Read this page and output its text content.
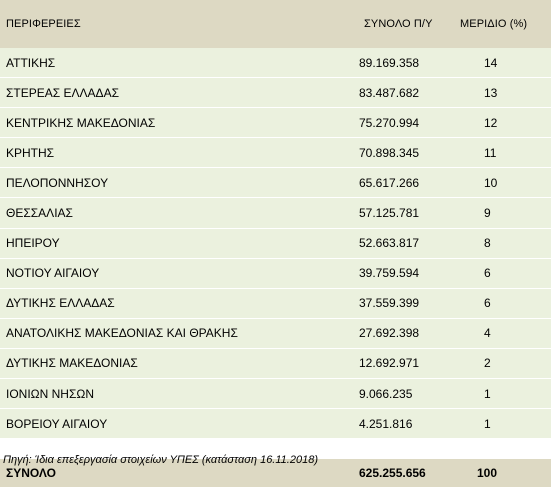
ΠΕΡΙΦΕΡΕΙΕΣ	ΣΥΝΟΛΟ Π/Υ	ΜΕΡΙΔΙΟ (%)
ΑΤΤΙΚΗΣ	89.169.358	14
ΣΤΕΡΕΑΣ ΕΛΛΑΔΑΣ	83.487.682	13
ΚΕΝΤΡΙΚΗΣ ΜΑΚΕΔΟΝΙΑΣ	75.270.994	12
ΚΡΗΤΗΣ	70.898.345	11
ΠΕΛΟΠΟΝΝΗΣΟΥ	65.617.266	10
ΘΕΣΣΑΛΙΑΣ	57.125.781	9
ΗΠΕΙΡΟΥ	52.663.817	8
ΝΟΤΙΟΥ ΑΙΓΑΙΟΥ	39.759.594	6
ΔΥΤΙΚΗΣ ΕΛΛΑΔΑΣ	37.559.399	6
ΑΝΑΤΟΛΙΚΗΣ ΜΑΚΕΔΟΝΙΑΣ ΚΑΙ ΘΡΑΚΗΣ	27.692.398	4
ΔΥΤΙΚΗΣ ΜΑΚΕΔΟΝΙΑΣ	12.692.971	2
ΙΟΝΙΩΝ ΝΗΣΩΝ	9.066.235	1
ΒΟΡΕΙΟΥ ΑΙΓΑΙΟΥ	4.251.816	1

ΣΥΝΟΛΟ	625.255.656	100
Πηγή: Ίδια επεξεργασία στοιχείων ΥΠΕΣ (κατάσταση 16.11.2018)
